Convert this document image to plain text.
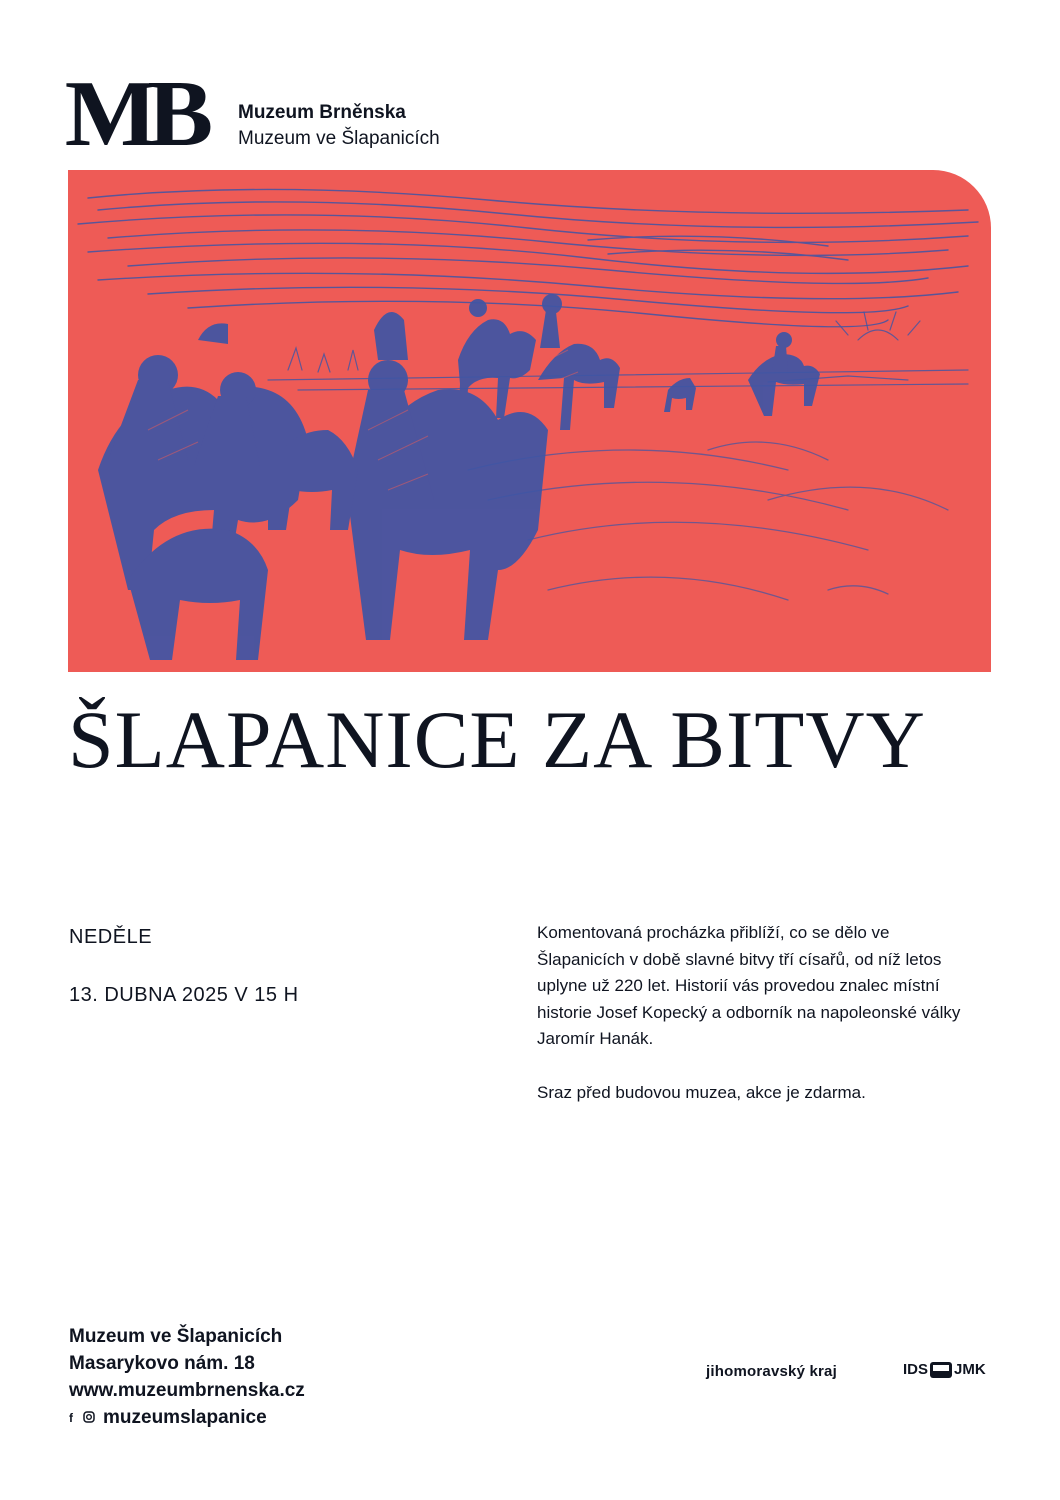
MB	Muzeum Brněnska
Muzeum ve Šlapanicích
ŠLAPANICE ZA BITVY
NEDĚLE
13. DUBNA 2025 V 15 H

Komentovaná procházka přiblíží, co se dělo ve Šlapanicích v době slavné bitvy tří císařů, od níž letos uplyne už 220 let. Historií vás provedou znalec místní historie Josef Kopecký a odborník na napoleonské války Jaromír Hanák.

Sraz před budovou muzea, akce je zdarma.

Muzeum ve Šlapanicích
Masarykovo nám. 18
www.muzeumbrnenska.cz
f	muzeumslapanice
jihomoravský kraj	IDS JMK
